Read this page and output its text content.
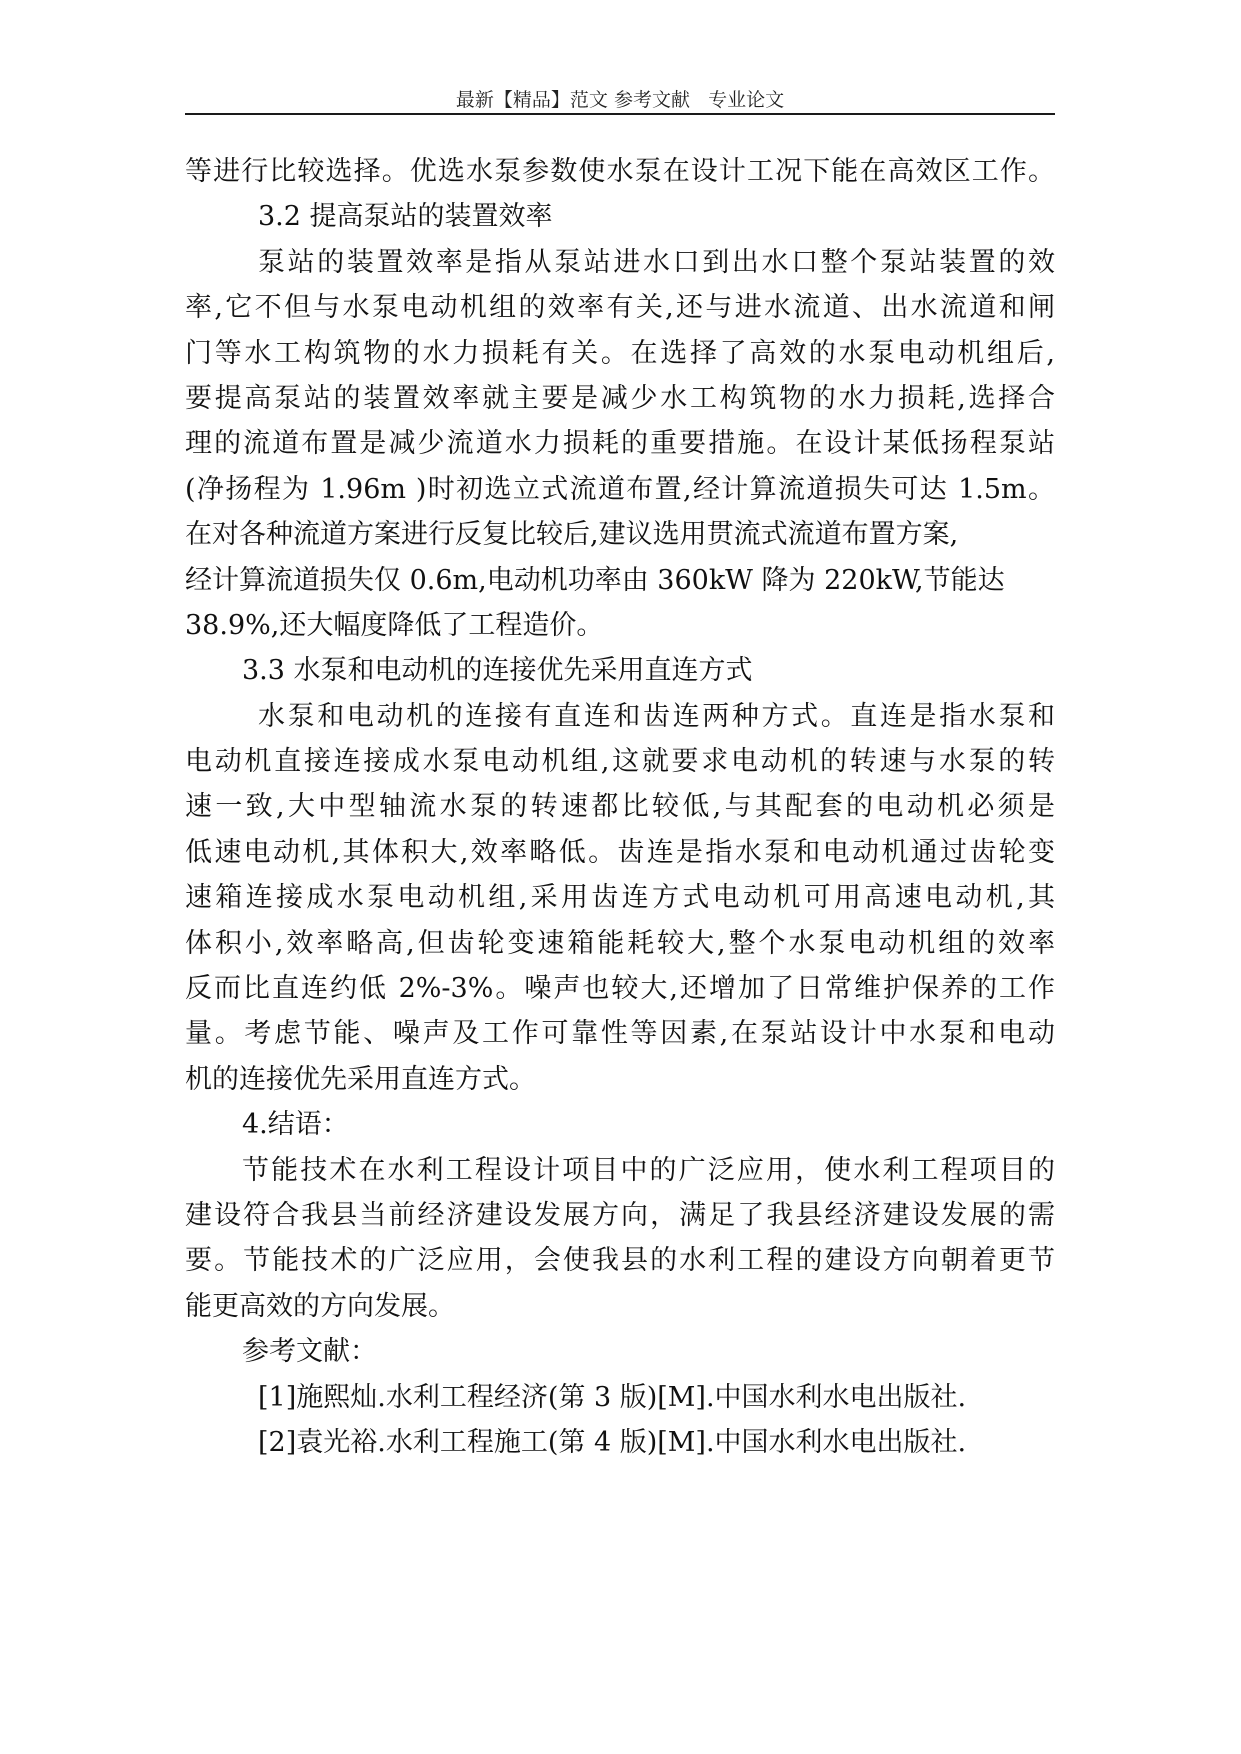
最新【精品】范文 参考文献   专业论文
等进行比较选择。优选水泵参数使水泵在设计工况下能在高效区工作。
3.2 提高泵站的装置效率
泵站的装置效率是指从泵站进水口到出水口整个泵站装置的效
率,它不但与水泵电动机组的效率有关,还与进水流道、出水流道和闸
门等水工构筑物的水力损耗有关。在选择了高效的水泵电动机组后,
要提高泵站的装置效率就主要是减少水工构筑物的水力损耗,选择合
理的流道布置是减少流道水力损耗的重要措施。在设计某低扬程泵站
(净扬程为 1.96m )时初选立式流道布置,经计算流道损失可达 1.5m。
在对各种流道方案进行反复比较后,建议选用贯流式流道布置方案,
经计算流道损失仅 0.6m,电动机功率由 360kW 降为 220kW,节能达
38.9%,还大幅度降低了工程造价。
3.3 水泵和电动机的连接优先采用直连方式
水泵和电动机的连接有直连和齿连两种方式。直连是指水泵和
电动机直接连接成水泵电动机组,这就要求电动机的转速与水泵的转
速一致,大中型轴流水泵的转速都比较低,与其配套的电动机必须是
低速电动机,其体积大,效率略低。齿连是指水泵和电动机通过齿轮变
速箱连接成水泵电动机组,采用齿连方式电动机可用高速电动机,其
体积小,效率略高,但齿轮变速箱能耗较大,整个水泵电动机组的效率
反而比直连约低 2%-3%。噪声也较大,还增加了日常维护保养的工作
量。考虑节能、噪声及工作可靠性等因素,在泵站设计中水泵和电动
机的连接优先采用直连方式。
4.结语：
节能技术在水利工程设计项目中的广泛应用，使水利工程项目的
建设符合我县当前经济建设发展方向，满足了我县经济建设发展的需
要。节能技术的广泛应用，会使我县的水利工程的建设方向朝着更节
能更高效的方向发展。
参考文献：
[1]施熙灿.水利工程经济(第 3 版)[M].中国水利水电出版社.
[2]袁光裕.水利工程施工(第 4 版)[M].中国水利水电出版社.
